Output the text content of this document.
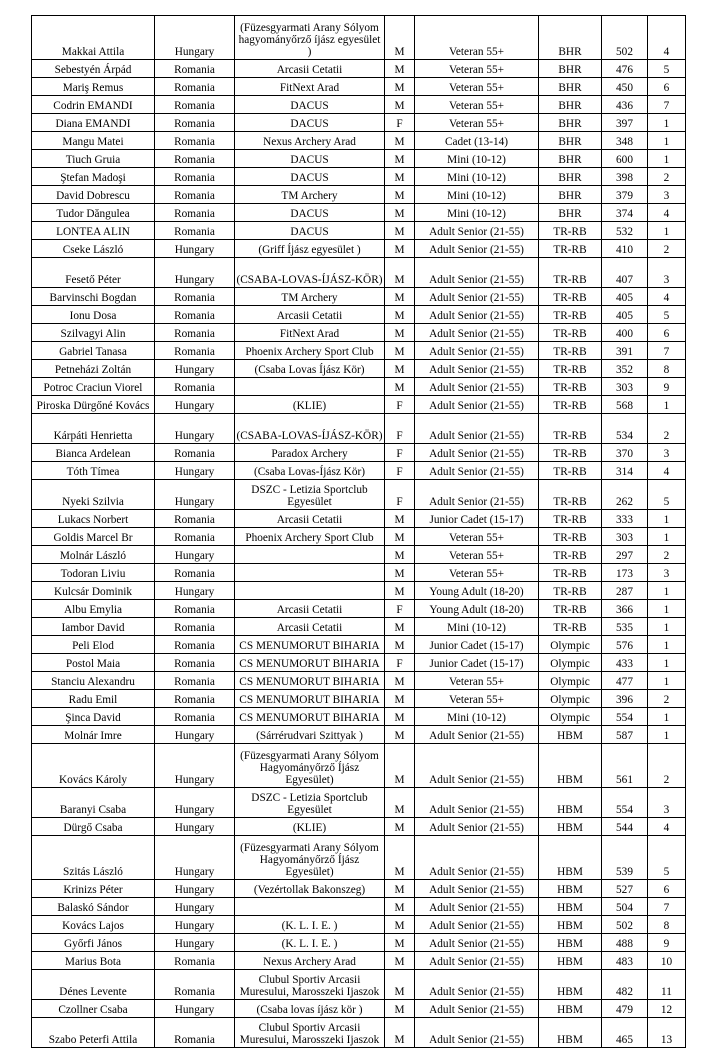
Makkai Attila	Hungary	(Füzesgyarmati Arany Sólyom hagyományőrző íjász egyesület )	M	Veteran 55+	BHR	502	4
Sebestyén Árpád	Romania	Arcasii Cetatii	M	Veteran 55+	BHR	476	5
Mariş Remus	Romania	FitNext Arad	M	Veteran 55+	BHR	450	6
Codrin EMANDI	Romania	DACUS	M	Veteran 55+	BHR	436	7
Diana EMANDI	Romania	DACUS	F	Veteran 55+	BHR	397	1
Mangu Matei	Romania	Nexus Archery Arad	M	Cadet (13-14)	BHR	348	1
Tiuch Gruia	Romania	DACUS	M	Mini (10-12)	BHR	600	1
Ştefan Madoşi	Romania	DACUS	M	Mini (10-12)	BHR	398	2
David Dobrescu	Romania	TM Archery	M	Mini (10-12)	BHR	379	3
Tudor Dăngulea	Romania	DACUS	M	Mini (10-12)	BHR	374	4
LONTEA ALIN	Romania	DACUS	M	Adult Senior (21-55)	TR-RB	532	1
Cseke László	Hungary	(Griff Íjász egyesület )	M	Adult Senior (21-55)	TR-RB	410	2
Fesető Péter	Hungary	(CSABA-LOVAS-ÍJÁSZ-KÖR)	M	Adult Senior (21-55)	TR-RB	407	3
Barvinschi Bogdan	Romania	TM Archery	M	Adult Senior (21-55)	TR-RB	405	4
Ionu Dosa	Romania	Arcasii Cetatii	M	Adult Senior (21-55)	TR-RB	405	5
Szilvagyi Alin	Romania	FitNext Arad	M	Adult Senior (21-55)	TR-RB	400	6
Gabriel Tanasa	Romania	Phoenix Archery Sport Club	M	Adult Senior (21-55)	TR-RB	391	7
Petneházi Zoltán	Hungary	(Csaba Lovas Íjász Kör)	M	Adult Senior (21-55)	TR-RB	352	8
Potroc Craciun Viorel	Romania		M	Adult Senior (21-55)	TR-RB	303	9
Piroska Dürgőné Kovács	Hungary	(KLIE)	F	Adult Senior (21-55)	TR-RB	568	1
Kárpáti Henrietta	Hungary	(CSABA-LOVAS-ÍJÁSZ-KÖR)	F	Adult Senior (21-55)	TR-RB	534	2
Bianca Ardelean	Romania	Paradox Archery	F	Adult Senior (21-55)	TR-RB	370	3
Tóth Tímea	Hungary	(Csaba Lovas-Íjász Kör)	F	Adult Senior (21-55)	TR-RB	314	4
Nyeki Szilvia	Hungary	DSZC - Letizia Sportclub Egyesület	F	Adult Senior (21-55)	TR-RB	262	5
Lukacs Norbert	Romania	Arcasii Cetatii	M	Junior Cadet (15-17)	TR-RB	333	1
Goldis Marcel Br	Romania	Phoenix Archery Sport Club	M	Veteran 55+	TR-RB	303	1
Molnár László	Hungary		M	Veteran 55+	TR-RB	297	2
Todoran Liviu	Romania		M	Veteran 55+	TR-RB	173	3
Kulcsár Dominik	Hungary		M	Young Adult (18-20)	TR-RB	287	1
Albu Emylia	Romania	Arcasii Cetatii	F	Young Adult (18-20)	TR-RB	366	1
Iambor David	Romania	Arcasii Cetatii	M	Mini (10-12)	TR-RB	535	1
Peli Elod	Romania	CS MENUMORUT BIHARIA	M	Junior Cadet (15-17)	Olympic	576	1
Postol Maia	Romania	CS MENUMORUT BIHARIA	F	Junior Cadet (15-17)	Olympic	433	1
Stanciu Alexandru	Romania	CS MENUMORUT BIHARIA	M	Veteran 55+	Olympic	477	1
Radu Emil	Romania	CS MENUMORUT BIHARIA	M	Veteran 55+	Olympic	396	2
Şinca David	Romania	CS MENUMORUT BIHARIA	M	Mini (10-12)	Olympic	554	1
Molnár Imre	Hungary	(Sárrérudvari Szittyak )	M	Adult Senior (21-55)	HBM	587	1
Kovács Károly	Hungary	(Füzesgyarmati Arany Sólyom Hagyományőrző Íjász Egyesület)	M	Adult Senior (21-55)	HBM	561	2
Baranyi Csaba	Hungary	DSZC - Letizia Sportclub Egyesület	M	Adult Senior (21-55)	HBM	554	3
Dürgő Csaba	Hungary	(KLIE)	M	Adult Senior (21-55)	HBM	544	4
Szitás László	Hungary	(Füzesgyarmati Arany Sólyom Hagyományőrző Íjász Egyesület)	M	Adult Senior (21-55)	HBM	539	5
Krinizs Péter	Hungary	(Vezértollak Bakonszeg)	M	Adult Senior (21-55)	HBM	527	6
Balaskó Sándor	Hungary		M	Adult Senior (21-55)	HBM	504	7
Kovács Lajos	Hungary	(K. L. I. E. )	M	Adult Senior (21-55)	HBM	502	8
Győrfi János	Hungary	(K. L. I. E. )	M	Adult Senior (21-55)	HBM	488	9
Marius Bota	Romania	Nexus Archery Arad	M	Adult Senior (21-55)	HBM	483	10
Dénes Levente	Romania	Clubul Sportiv Arcasii Muresului, Marosszeki Ijaszok	M	Adult Senior (21-55)	HBM	482	11
Czollner Csaba	Hungary	(Csaba lovas íjász kör )	M	Adult Senior (21-55)	HBM	479	12
Szabo Peterfi Attila	Romania	Clubul Sportiv Arcasii Muresului, Marosszeki Ijaszok	M	Adult Senior (21-55)	HBM	465	13
